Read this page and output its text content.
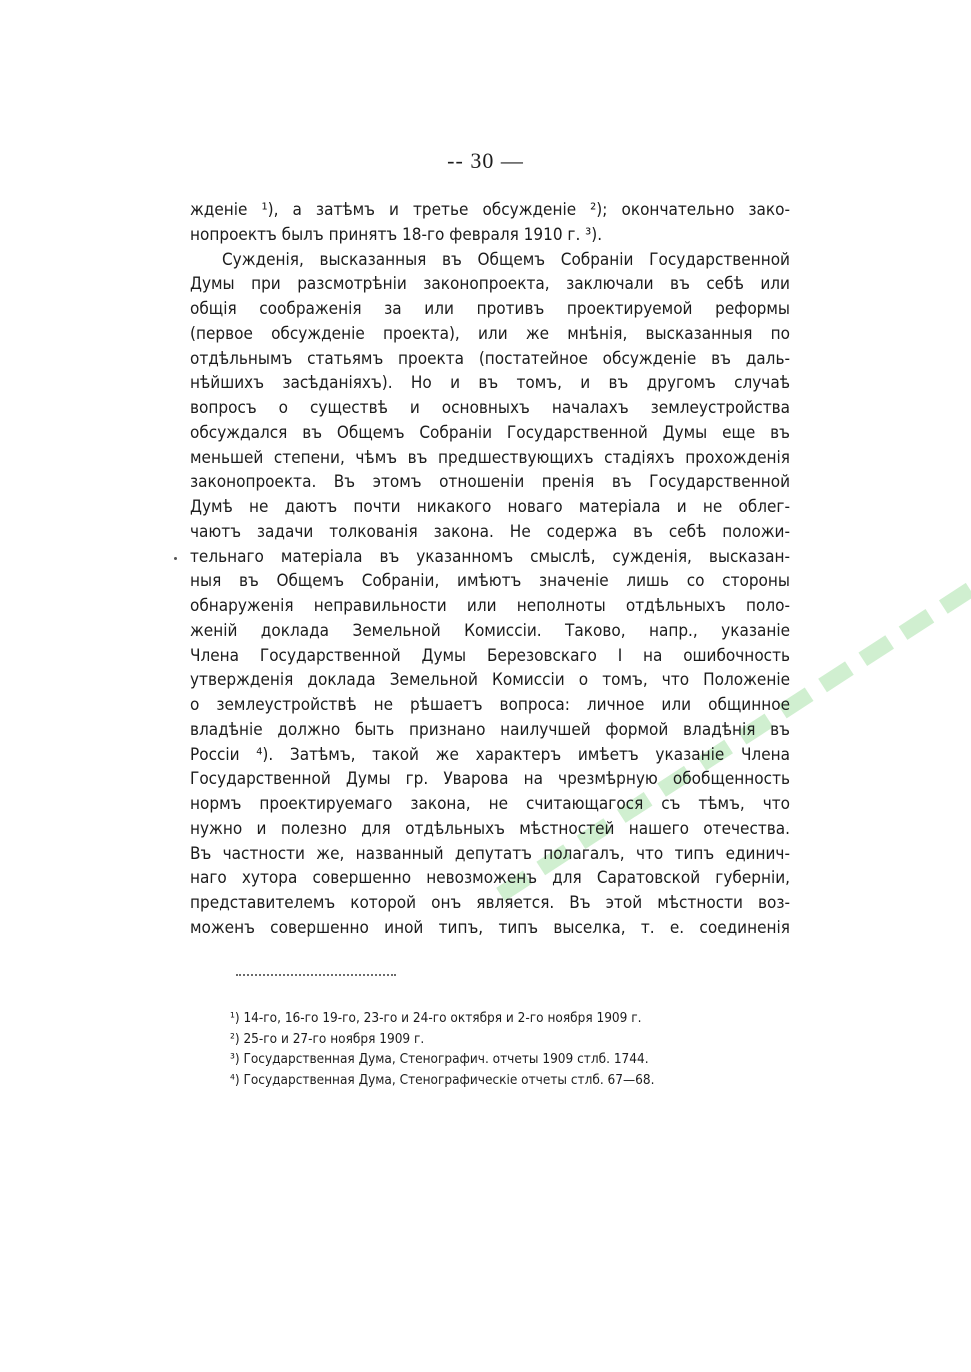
-- 30 —
жденіе ¹), а затѣмъ и третье обсужденіе ²); окончательно зако-
нопроектъ былъ принятъ 18-го февраля 1910 г. ³).
Сужденія, высказанныя въ Общемъ Собраніи Государственной
Думы при разсмотрѣніи законопроекта, заключали въ себѣ или
общія соображенія за или противъ проектируемой реформы
(первое обсужденіе проекта), или же мнѣнія, высказанныя по
отдѣльнымъ статьямъ проекта (постатейное обсужденіе въ даль-
нѣйшихъ засѣданіяхъ). Но и въ томъ, и въ другомъ случаѣ
вопросъ о существѣ и основныхъ началахъ землеустройства
обсуждался въ Общемъ Собраніи Государственной Думы еще въ
меньшей степени, чѣмъ въ предшествующихъ стадіяхъ прохожденія
законопроекта. Въ этомъ отношеніи пренія въ Государственной
Думѣ не даютъ почти никакого новаго матеріала и не облег-
чаютъ задачи толкованія закона. Не содержа въ себѣ положи-
тельнаго матеріала въ указанномъ смыслѣ, сужденія, высказан-
ныя въ Общемъ Собраніи, имѣютъ значеніе лишь со стороны
обнаруженія неправильности или неполноты отдѣльныхъ поло-
женій доклада Земельной Комиссіи. Таково, напр., указаніе
Члена Государственной Думы Березовскаго I на ошибочность
утвержденія доклада Земельной Комиссіи о томъ, что Положеніе
о землеустройствѣ не рѣшаетъ вопроса: личное или общинное
владѣніе должно быть признано наилучшей формой владѣнія въ
Россіи ⁴). Затѣмъ, такой же характеръ имѣетъ указаніе Члена
Государственной Думы гр. Уварова на чрезмѣрную обобщенность
нормъ проектируемаго закона, не считающагося съ тѣмъ, что
нужно и полезно для отдѣльныхъ мѣстностей нашего отечества.
Въ частности же, названный депутатъ полагалъ, что типъ единич-
наго хутора совершенно невозможенъ для Саратовской губерніи,
представителемъ которой онъ является. Въ этой мѣстности воз-
моженъ совершенно иной типъ, типъ выселка, т. е. соединенія
¹) 14-го, 16-го 19-го, 23-го и 24-го октября и 2-го ноября 1909 г.
²) 25-го и 27-го ноября 1909 г.
³) Государственная Дума, Стенографич. отчеты 1909 стлб. 1744.
⁴) Государственная Дума, Стенографическіе отчеты стлб. 67—68.
